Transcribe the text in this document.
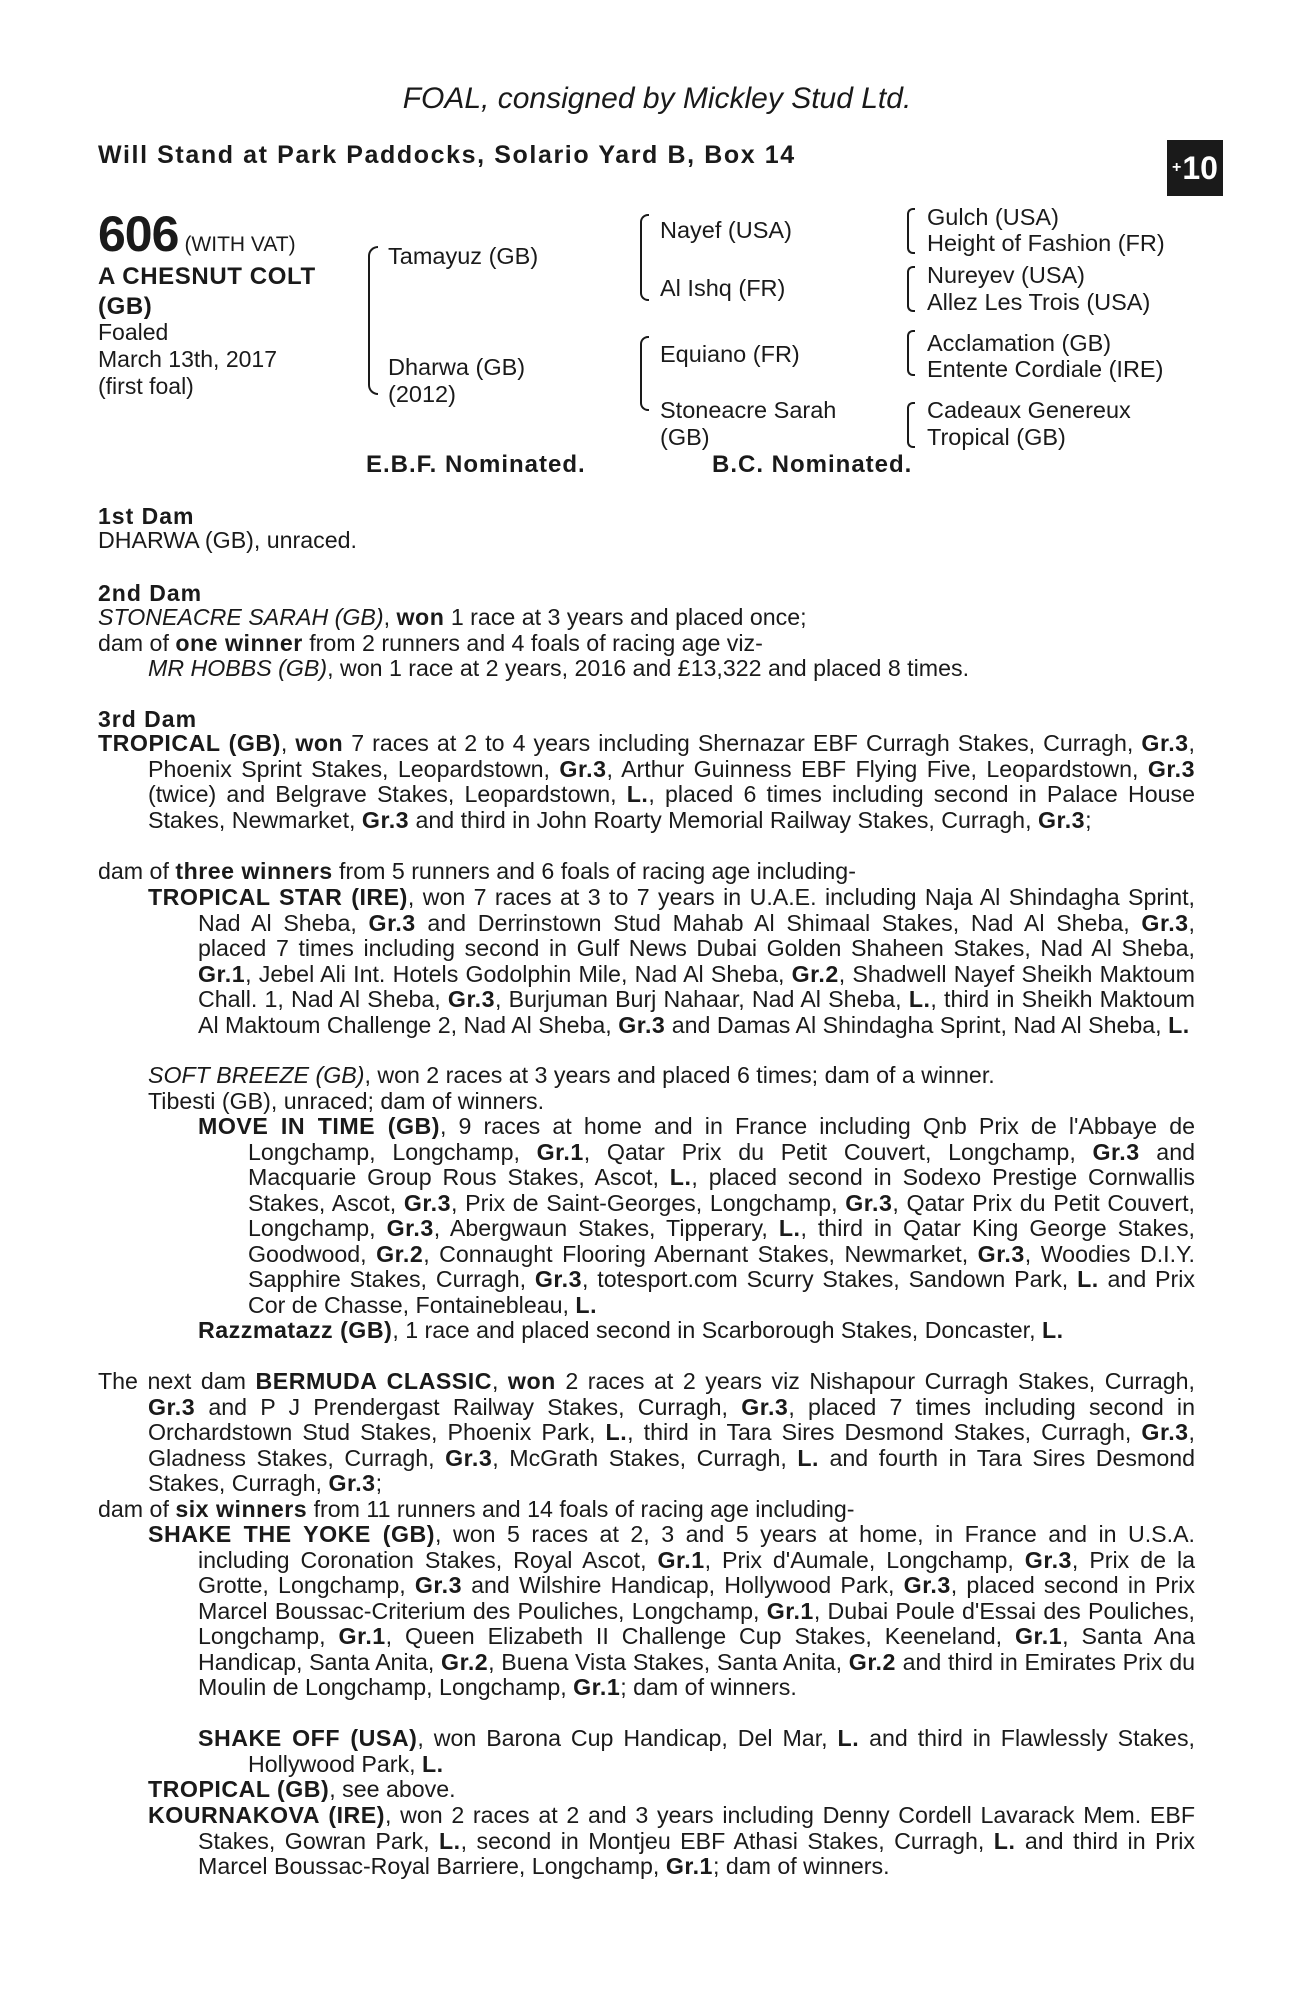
FOAL, consigned by Mickley Stud Ltd.
Will Stand at Park Paddocks, Solario Yard B, Box 14	+ 10
606 (WITH VAT)
A CHESNUT COLT
(GB)
Foaled
March 13th, 2017
(first foal)
Tamayuz (GB)
Dharwa (GB)
(2012)
Nayef (USA)
Al Ishq (FR)
Equiano (FR)
Stoneacre Sarah
(GB)
Gulch (USA)
Height of Fashion (FR)
Nureyev (USA)
Allez Les Trois (USA)
Acclamation (GB)
Entente Cordiale (IRE)
Cadeaux Genereux
Tropical (GB)
E.B.F. Nominated.	B.C. Nominated.
1st Dam
DHARWA (GB), unraced.
2nd Dam
STONEACRE SARAH (GB), won 1 race at 3 years and placed once;
dam of one winner from 2 runners and 4 foals of racing age viz-
MR HOBBS (GB), won 1 race at 2 years, 2016 and £13,322 and placed 8 times.
3rd Dam
TROPICAL (GB), won 7 races at 2 to 4 years including Shernazar EBF Curragh Stakes, Curragh, Gr.3, Phoenix Sprint Stakes, Leopardstown, Gr.3, Arthur Guinness EBF Flying Five, Leopardstown, Gr.3 (twice) and Belgrave Stakes, Leopardstown, L., placed 6 times including second in Palace House Stakes, Newmarket, Gr.3 and third in John Roarty Memorial Railway Stakes, Curragh, Gr.3;
dam of three winners from 5 runners and 6 foals of racing age including-
TROPICAL STAR (IRE), won 7 races at 3 to 7 years in U.A.E. including Naja Al Shindagha Sprint, Nad Al Sheba, Gr.3 and Derrinstown Stud Mahab Al Shimaal Stakes, Nad Al Sheba, Gr.3, placed 7 times including second in Gulf News Dubai Golden Shaheen Stakes, Nad Al Sheba, Gr.1, Jebel Ali Int. Hotels Godolphin Mile, Nad Al Sheba, Gr.2, Shadwell Nayef Sheikh Maktoum Chall. 1, Nad Al Sheba, Gr.3, Burjuman Burj Nahaar, Nad Al Sheba, L., third in Sheikh Maktoum Al Maktoum Challenge 2, Nad Al Sheba, Gr.3 and Damas Al Shindagha Sprint, Nad Al Sheba, L.
SOFT BREEZE (GB), won 2 races at 3 years and placed 6 times; dam of a winner.
Tibesti (GB), unraced; dam of winners.
MOVE IN TIME (GB), 9 races at home and in France including Qnb Prix de l'Abbaye de Longchamp, Longchamp, Gr.1, Qatar Prix du Petit Couvert, Longchamp, Gr.3 and Macquarie Group Rous Stakes, Ascot, L., placed second in Sodexo Prestige Cornwallis Stakes, Ascot, Gr.3, Prix de Saint-Georges, Longchamp, Gr.3, Qatar Prix du Petit Couvert, Longchamp, Gr.3, Abergwaun Stakes, Tipperary, L., third in Qatar King George Stakes, Goodwood, Gr.2, Connaught Flooring Abernant Stakes, Newmarket, Gr.3, Woodies D.I.Y. Sapphire Stakes, Curragh, Gr.3, totesport.com Scurry Stakes, Sandown Park, L. and Prix Cor de Chasse, Fontainebleau, L.
Razzmatazz (GB), 1 race and placed second in Scarborough Stakes, Doncaster, L.
The next dam BERMUDA CLASSIC, won 2 races at 2 years viz Nishapour Curragh Stakes, Curragh, Gr.3 and P J Prendergast Railway Stakes, Curragh, Gr.3, placed 7 times including second in Orchardstown Stud Stakes, Phoenix Park, L., third in Tara Sires Desmond Stakes, Curragh, Gr.3, Gladness Stakes, Curragh, Gr.3, McGrath Stakes, Curragh, L. and fourth in Tara Sires Desmond Stakes, Curragh, Gr.3;
dam of six winners from 11 runners and 14 foals of racing age including-
SHAKE THE YOKE (GB), won 5 races at 2, 3 and 5 years at home, in France and in U.S.A. including Coronation Stakes, Royal Ascot, Gr.1, Prix d'Aumale, Longchamp, Gr.3, Prix de la Grotte, Longchamp, Gr.3 and Wilshire Handicap, Hollywood Park, Gr.3, placed second in Prix Marcel Boussac-Criterium des Pouliches, Longchamp, Gr.1, Dubai Poule d'Essai des Pouliches, Longchamp, Gr.1, Queen Elizabeth II Challenge Cup Stakes, Keeneland, Gr.1, Santa Ana Handicap, Santa Anita, Gr.2, Buena Vista Stakes, Santa Anita, Gr.2 and third in Emirates Prix du Moulin de Longchamp, Longchamp, Gr.1; dam of winners.
SHAKE OFF (USA), won Barona Cup Handicap, Del Mar, L. and third in Flawlessly Stakes, Hollywood Park, L.
TROPICAL (GB), see above.
KOURNAKOVA (IRE), won 2 races at 2 and 3 years including Denny Cordell Lavarack Mem. EBF Stakes, Gowran Park, L., second in Montjeu EBF Athasi Stakes, Curragh, L. and third in Prix Marcel Boussac-Royal Barriere, Longchamp, Gr.1; dam of winners.
